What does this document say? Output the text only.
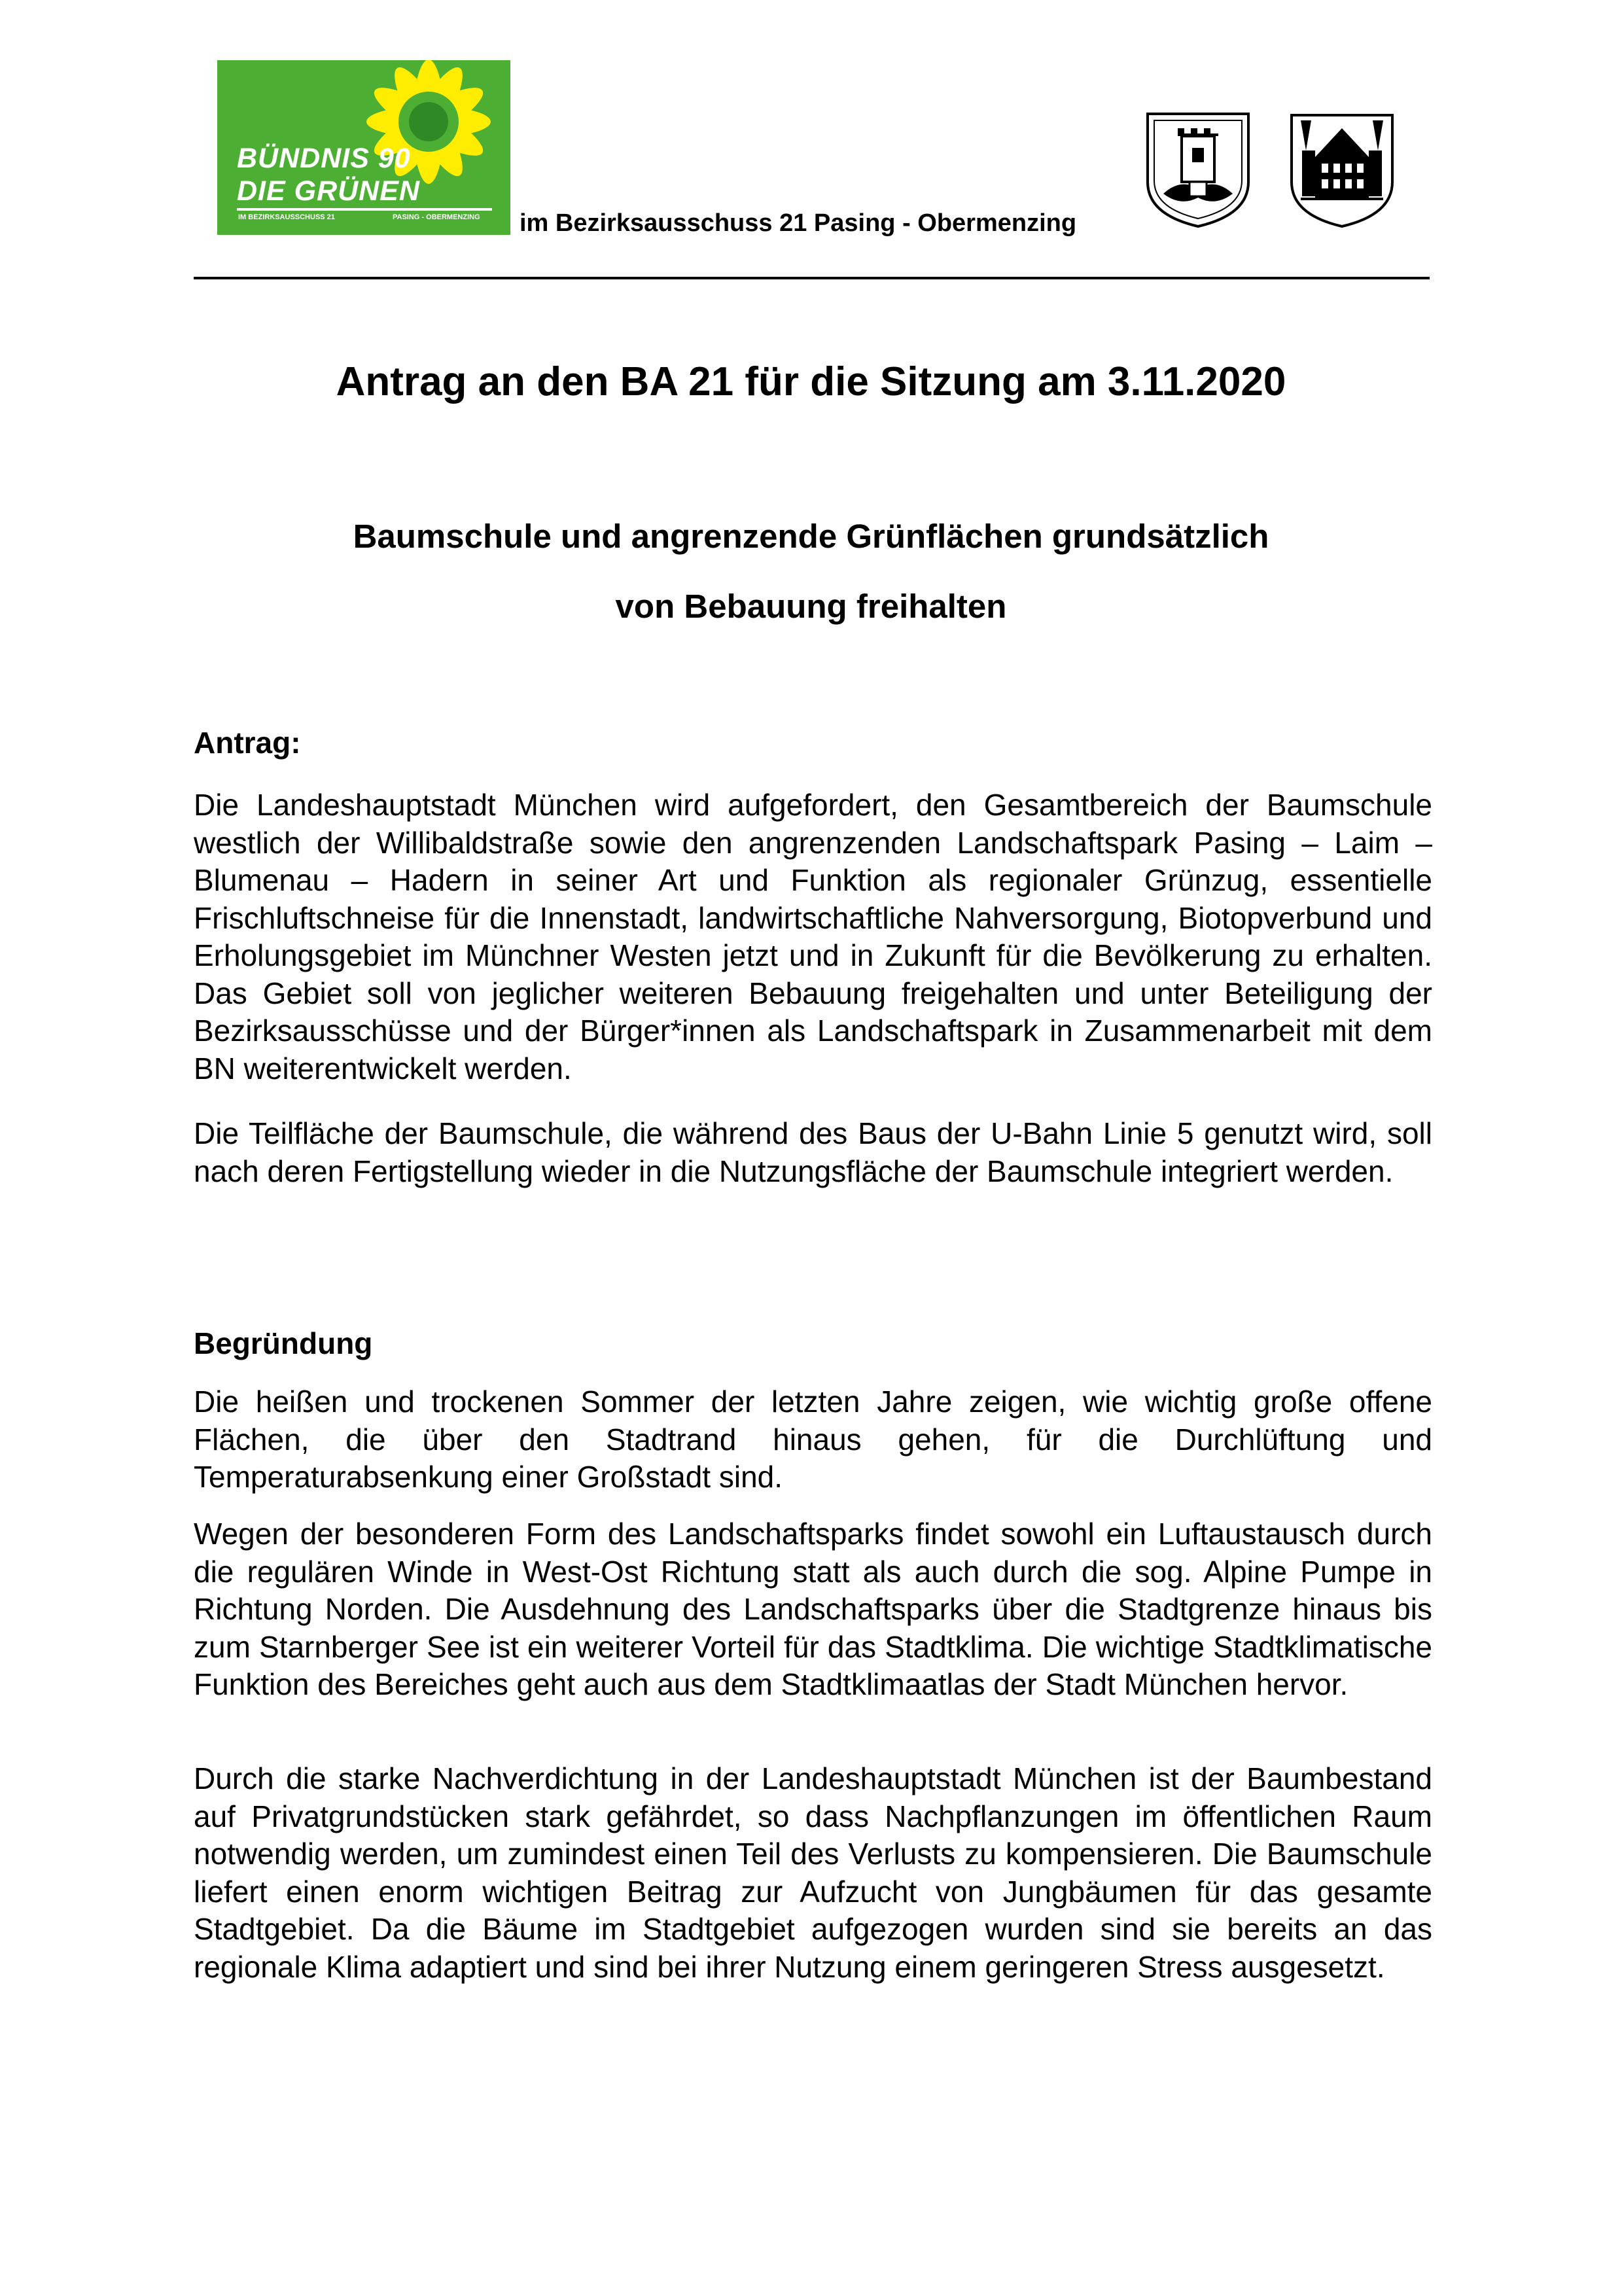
BÜNDNIS 90
DIE GRÜNEN
IM BEZIRKSAUSSCHUSS 21	PASING - OBERMENZING im Bezirksausschuss 21 Pasing - Obermenzing
Antrag an den BA 21 für die Sitzung am 3.11.2020
Baumschule und angrenzende Grünflächen grundsätzlich
von Bebauung freihalten
Antrag:
Die Landeshauptstadt München wird aufgefordert, den Gesamtbereich der Baumschule westlich der Willibaldstraße sowie den angrenzenden Landschaftspark Pasing – Laim – Blumenau – Hadern in seiner Art und Funktion als regionaler Grünzug, essentielle Frischluftschneise für die Innenstadt, landwirtschaftliche Nahversorgung, Biotopverbund und Erholungsgebiet im Münchner Westen jetzt und in Zukunft für die Bevölkerung zu erhalten. Das Gebiet soll von jeglicher weiteren Bebauung freigehalten und unter Beteiligung der Bezirksausschüsse und der Bürger*innen als Landschaftspark in Zusammenarbeit mit dem BN weiterentwickelt werden.
Die Teilfläche der Baumschule, die während des Baus der U-Bahn Linie 5 genutzt wird, soll nach deren Fertigstellung wieder in die Nutzungsfläche der Baumschule integriert werden.
Begründung
Die heißen und trockenen Sommer der letzten Jahre zeigen, wie wichtig große offene Flächen, die über den Stadtrand hinaus gehen, für die Durchlüftung und Temperaturabsenkung einer Großstadt sind.
Wegen der besonderen Form des Landschaftsparks findet sowohl ein Luftaustausch durch die regulären Winde in West-Ost Richtung statt als auch durch die sog. Alpine Pumpe in Richtung Norden. Die Ausdehnung des Landschaftsparks über die Stadtgrenze hinaus bis zum Starnberger See ist ein weiterer Vorteil für das Stadtklima. Die wichtige Stadtklimatische Funktion des Bereiches geht auch aus dem Stadtklimaatlas der Stadt München hervor.
Durch die starke Nachverdichtung in der Landeshauptstadt München ist der Baumbestand auf Privatgrundstücken stark gefährdet, so dass Nachpflanzungen im öffentlichen Raum notwendig werden, um zumindest einen Teil des Verlusts zu kompensieren. Die Baumschule liefert einen enorm wichtigen Beitrag zur Aufzucht von Jungbäumen für das gesamte Stadtgebiet. Da die Bäume im Stadtgebiet aufgezogen wurden sind sie bereits an das regionale Klima adaptiert und sind bei ihrer Nutzung einem geringeren Stress ausgesetzt.
